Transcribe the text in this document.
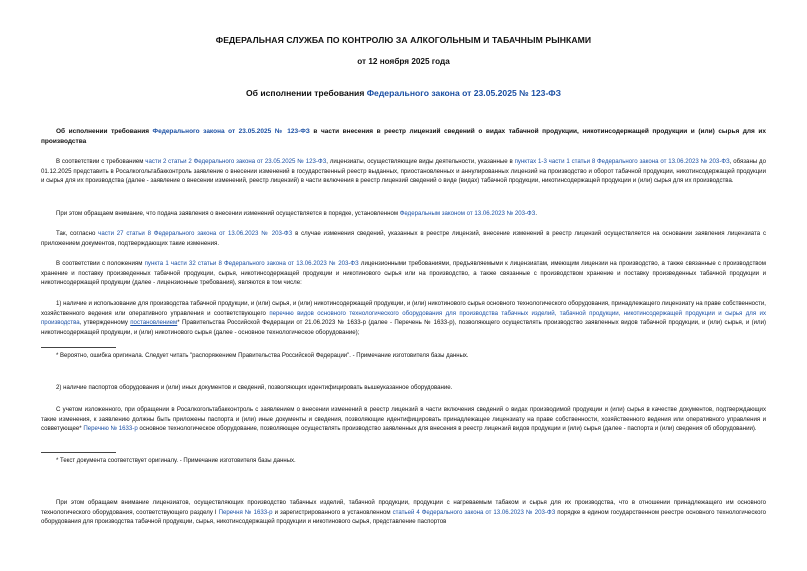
ФЕДЕРАЛЬНАЯ СЛУЖБА ПО КОНТРОЛЮ ЗА АЛКОГОЛЬНЫМ И ТАБАЧНЫМ РЫНКАМИ
от 12 ноября 2025 года
Об исполнении требования Федерального закона от 23.05.2025 № 123-ФЗ

Об исполнении требования Федерального закона от 23.05.2025 № 123-ФЗ в части внесения в реестр лицензий сведений о видах табачной продукции, никотинсодержащей продукции и (или) сырья для их производства

В соответствии с требованием части 2 статьи 2 Федерального закона от 23.05.2025 № 123-ФЗ, лицензиаты, осуществляющие виды деятельности, указанные в пунктах 1-3 части 1 статьи 8 Федерального закона от 13.06.2023 № 203-ФЗ, обязаны до 01.12.2025 представить в Росалкогольтабакконтроль заявление о внесении изменений в государственный реестр выданных, приостановленных и аннулированных лицензий на производство и оборот табачной продукции, никотинсодержащей продукции и сырья для их производства (далее - заявление о внесении изменений, реестр лицензий) в части включения в реестр лицензий сведений о виде (видах) табачной продукции, никотинсодержащей продукции и (или) сырья для их производства.

При этом обращаем внимание, что подача заявления о внесении изменений осуществляется в порядке, установленном Федеральным законом от 13.06.2023 № 203-ФЗ.

Так, согласно части 27 статьи 8 Федерального закона от 13.06.2023 № 203-ФЗ в случае изменения сведений, указанных в реестре лицензий, внесение изменений в реестр лицензий осуществляется на основании заявления лицензиата с приложением документов, подтверждающих такие изменения.

В соответствии с положениям пункта 1 части 32 статьи 8 Федерального закона от 13.06.2023 № 203-ФЗ лицензионными требованиями, предъявляемыми к лицензиатам, имеющим лицензии на производство, а также связанные с производством хранение и поставку произведенных табачной продукции, сырья, никотинсодержащей продукции и никотинового сырья или на производство, а также связанные с производством хранение и поставку произведенных табачной продукции и никотинсодержащей продукции (далее - лицензионные требования), являются в том числе:

1) наличие и использование для производства табачной продукции, и (или) сырья, и (или) никотинсодержащей продукции, и (или) никотинового сырья основного технологического оборудования, принадлежащего лицензиату на праве собственности, хозяйственного ведения или оперативного управления и соответствующего перечню видов основного технологического оборудования для производства табачных изделий, табачной продукции, никотинсодержащей продукции и сырья для их производства, утвержденному постановлением* Правительства Российской Федерации от 21.06.2023 № 1633-р (далее - Перечень № 1633-р), позволяющего осуществлять производство заявленных видов табачной продукции, и (или) сырья, и (или) никотинсодержащей продукции, и (или) никотинового сырья (далее - основное технологическое оборудование);

* Вероятно, ошибка оригинала. Следует читать "распоряжением Правительства Российской Федерации". - Примечание изготовителя базы данных.

2) наличие паспортов оборудования и (или) иных документов и сведений, позволяющих идентифицировать вышеуказанное оборудование.

С учетом изложенного, при обращении в Росалкогольтабакконтроль с заявлением о внесении изменений в реестр лицензий в части включения сведений о видах производимой продукции и (или) сырья в качестве документов, подтверждающих такие изменения, к заявлению должны быть приложены паспорта и (или) иные документы и сведения, позволяющие идентифицировать принадлежащее лицензиату на праве собственности, хозяйственного ведения или оперативного управления и совветующее* Перечню № 1633-р основное технологическое оборудование, позволяющее осуществлять производство заявленных для внесения в реестр лицензий видов продукции и (или) сырья (далее - паспорта и (или) сведения об оборудовании).

* Текст документа соответствует оригиналу. - Примечание изготовителя базы данных.

При этом обращаем внимание лицензиатов, осуществляющих производство табачных изделий, табачной продукции, продукции с нагреваемым табаком и сырья для их производства, что в отношении принадлежащего им основного технологического оборудования, соответствующего разделу I Перечня № 1633-р и зарегистрированного в установленном статьей 4 Федерального закона от 13.06.2023 № 203-ФЗ порядке в едином государственном реестре основного технологического оборудования для производства табачной продукции, сырья, никотинсодержащей продукции и никотинового сырья, представление паспортов
